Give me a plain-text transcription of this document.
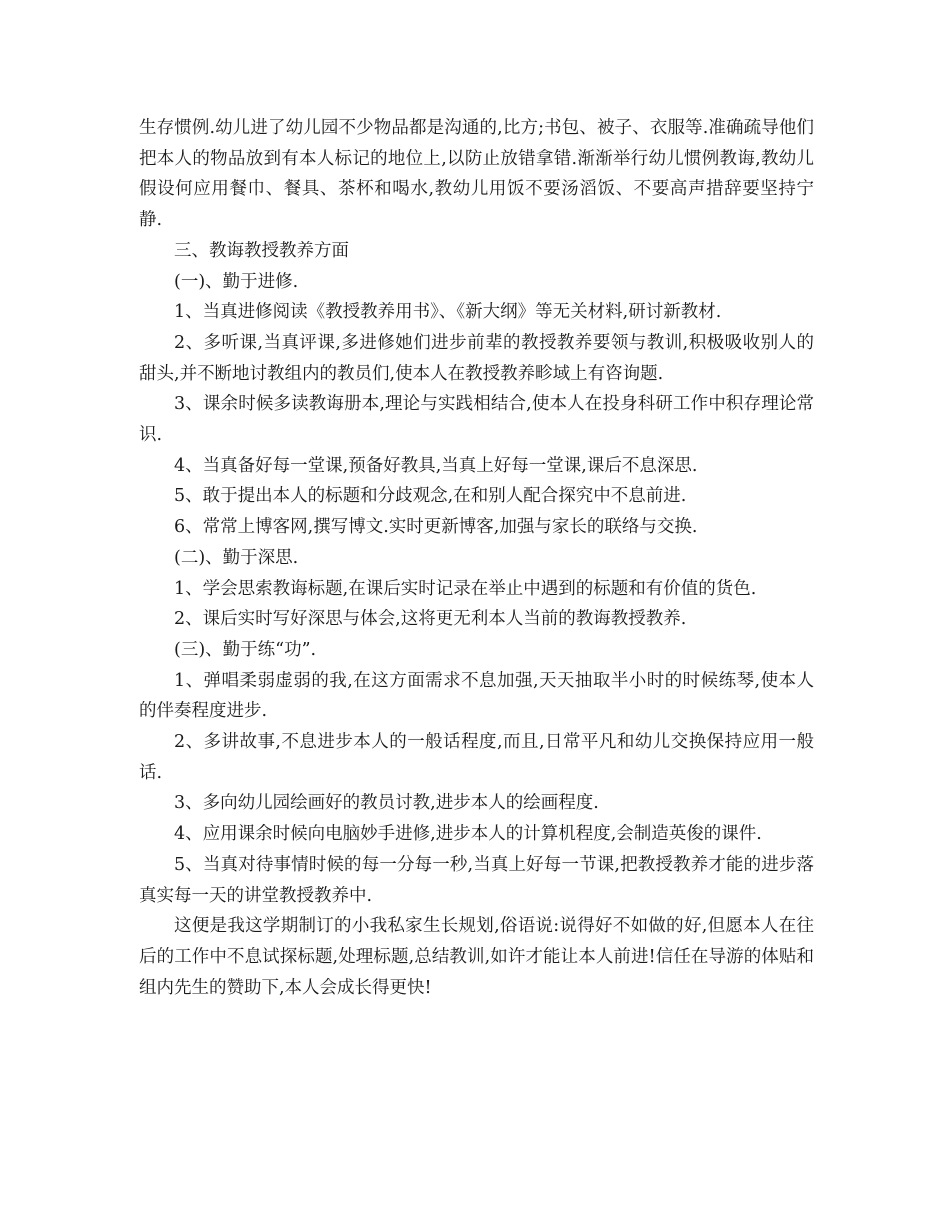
生存惯例.幼儿进了幼儿园不少物品都是沟通的,比方;书包、被子、衣服等.准确疏导他们把本人的物品放到有本人标记的地位上,以防止放错拿错.渐渐举行幼儿惯例教诲,教幼儿假设何应用餐巾、餐具、茶杯和喝水,教幼儿用饭不要汤滔饭、不要高声措辞要坚持宁静.

三、教诲教授教养方面

(一)、勤于进修.

1、当真进修阅读《教授教养用书》、《新大纲》等无关材料,研讨新教材.

2、多听课,当真评课,多进修她们进步前辈的教授教养要领与教训,积极吸收别人的甜头,并不断地讨教组内的教员们,使本人在教授教养畛域上有咨询题.

3、课余时候多读教诲册本,理论与实践相结合,使本人在投身科研工作中积存理论常识.

4、当真备好每一堂课,预备好教具,当真上好每一堂课,课后不息深思.

5、敢于提出本人的标题和分歧观念,在和别人配合探究中不息前进.

6、常常上博客网,撰写博文.实时更新博客,加强与家长的联络与交换.

(二)、勤于深思.

1、学会思索教诲标题,在课后实时记录在举止中遇到的标题和有价值的货色.

2、课后实时写好深思与体会,这将更无利本人当前的教诲教授教养.

(三)、勤于练“功”.

1、弹唱柔弱虚弱的我,在这方面需求不息加强,天天抽取半小时的时候练琴,使本人的伴奏程度进步.

2、多讲故事,不息进步本人的一般话程度,而且,日常平凡和幼儿交换保持应用一般话.

3、多向幼儿园绘画好的教员讨教,进步本人的绘画程度.

4、应用课余时候向电脑妙手进修,进步本人的计算机程度,会制造英俊的课件.

5、当真对待事情时候的每一分每一秒,当真上好每一节课,把教授教养才能的进步落真实每一天的讲堂教授教养中.

这便是我这学期制订的小我私家生长规划,俗语说:说得好不如做的好,但愿本人在往后的工作中不息试探标题,处理标题,总结教训,如许才能让本人前进!信任在导游的体贴和组内先生的赞助下,本人会成长得更快!
